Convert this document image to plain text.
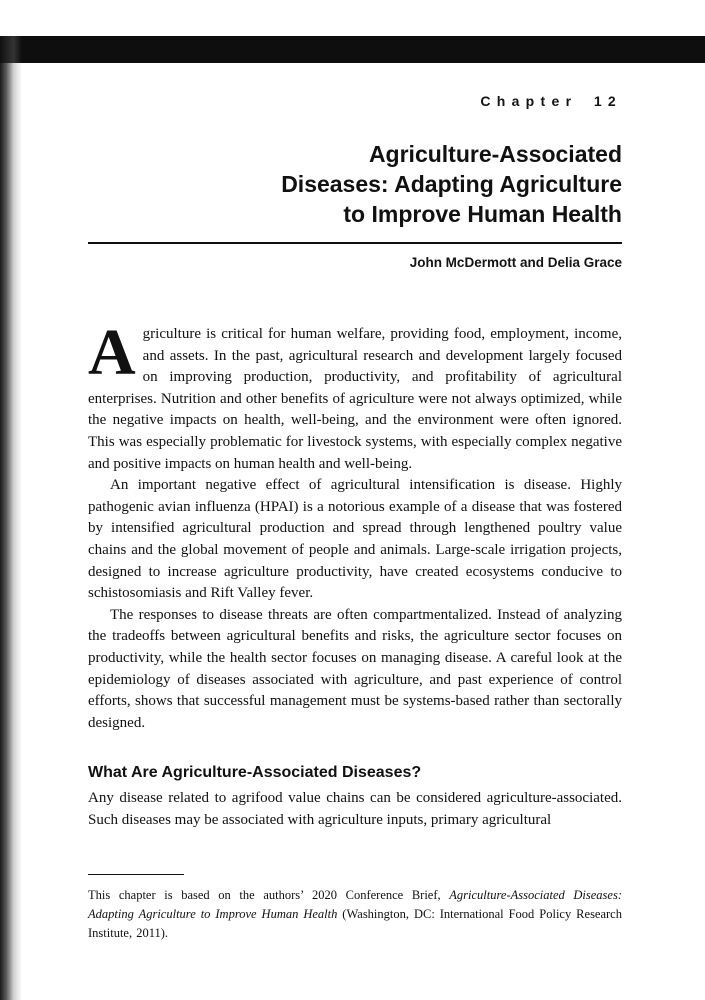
Chapter 12
Agriculture-Associated
Diseases: Adapting Agriculture
to Improve Human Health
John McDermott and Delia Grace

Agriculture is critical for human welfare, providing food, employment, income, and assets. In the past, agricultural research and development largely focused on improving production, productivity, and profitability of agricultural enterprises. Nutrition and other benefits of agriculture were not always optimized, while the negative impacts on health, well-being, and the environment were often ignored. This was especially problematic for livestock systems, with especially complex negative and positive impacts on human health and well-being.

An important negative effect of agricultural intensification is disease. Highly pathogenic avian influenza (HPAI) is a notorious example of a disease that was fostered by intensified agricultural production and spread through lengthened poultry value chains and the global movement of people and animals. Large-scale irrigation projects, designed to increase agriculture productivity, have created ecosystems conducive to schistosomiasis and Rift Valley fever.

The responses to disease threats are often compartmentalized. Instead of analyzing the tradeoffs between agricultural benefits and risks, the agriculture sector focuses on productivity, while the health sector focuses on managing disease. A careful look at the epidemiology of diseases associated with agriculture, and past experience of control efforts, shows that successful management must be systems-based rather than sectorally designed.

What Are Agriculture-Associated Diseases?
Any disease related to agrifood value chains can be considered agriculture-associated. Such diseases may be associated with agriculture inputs, primary agricultural
This chapter is based on the authors’ 2020 Conference Brief, Agriculture-Associated Diseases: Adapting Agriculture to Improve Human Health (Washington, DC: International Food Policy Research Institute, 2011).
